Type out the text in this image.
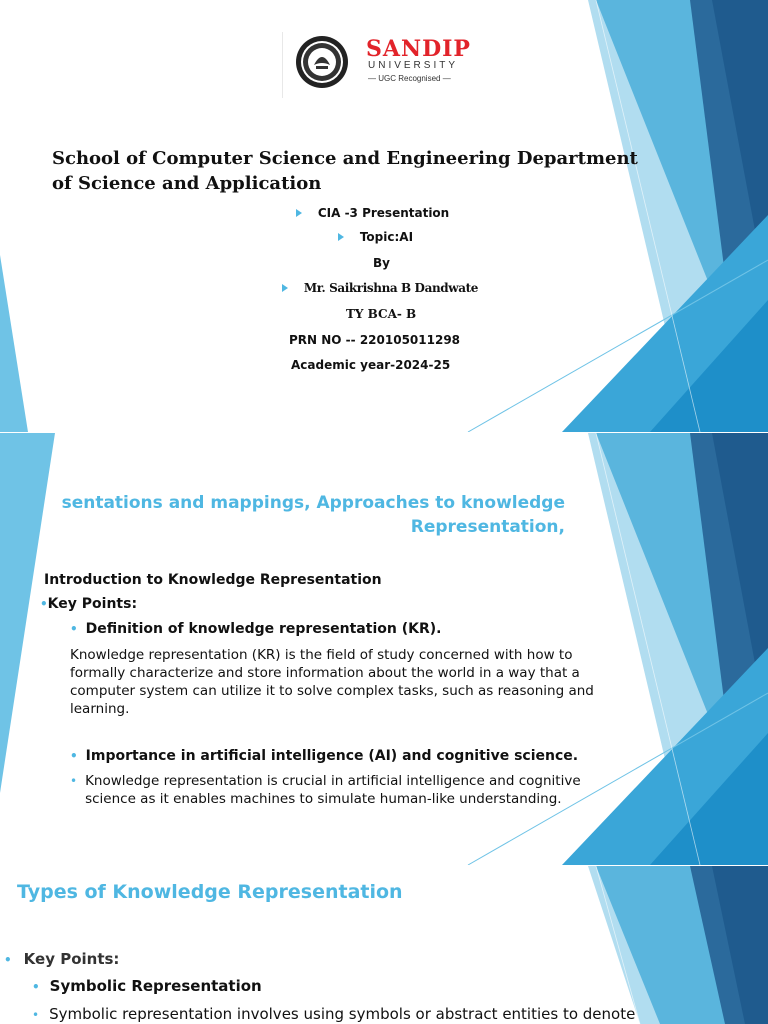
SANDIP
UNIVERSITY
— UGC Recognised —
School of Computer Science and Engineering Department of Science and Application
CIA -3 Presentation
Topic:AI
By
Mr. Saikrishna B Dandwate
TY BCA- B
PRN NO -- 220105011298
Academic year-2024-25
sentations and mappings, Approaches to knowledge
Representation,
Introduction to Knowledge Representation
•Key Points:
• Definition of knowledge representation (KR).
Knowledge representation (KR) is the field of study concerned with how to formally characterize and store information about the world in a way that a computer system can utilize it to solve complex tasks, such as reasoning and learning.
• Importance in artificial intelligence (AI) and cognitive science.
• Knowledge representation is crucial in artificial intelligence and cognitive science as it enables machines to simulate human-like understanding.
Types of Knowledge Representation
• Key Points:
• Symbolic Representation
• Symbolic representation involves using symbols or abstract entities to denote
